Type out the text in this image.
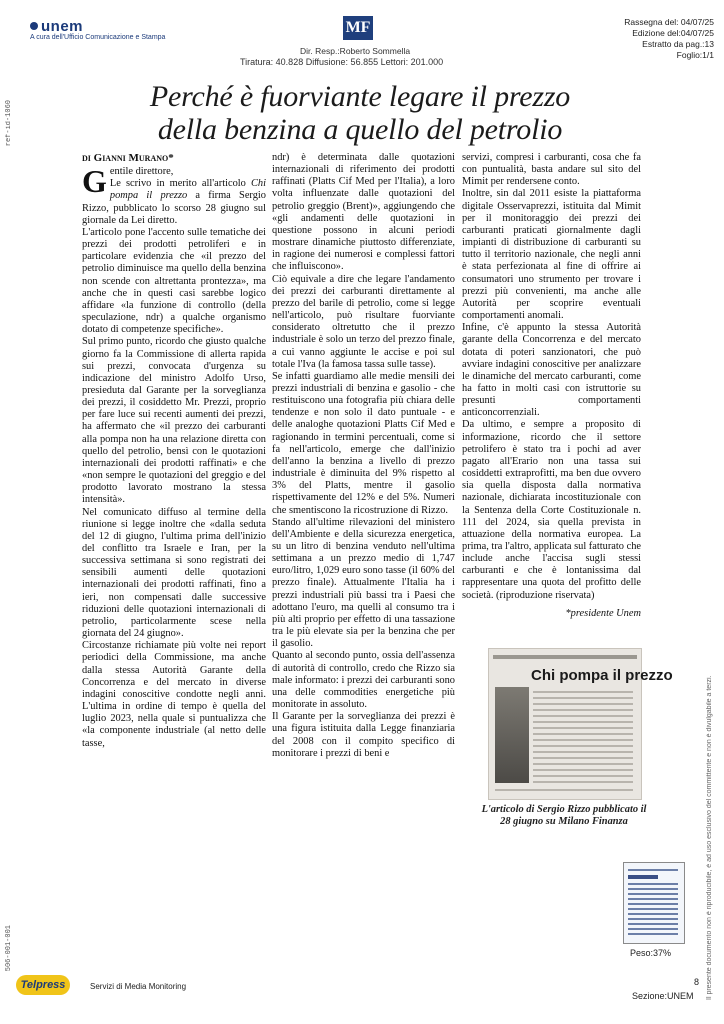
unem
A cura dell'Ufficio Comunicazione e Stampa
MF
Dir. Resp.:Roberto Sommella
Tiratura: 40.828 Diffusione: 56.855 Lettori: 201.000
Rassegna del: 04/07/25
Edizione del:04/07/25
Estratto da pag.:13
Foglio:1/1
ref-id-1060
506-001-001	Il presente documento non è riproducibile, è ad uso esclusivo del committente e non è divulgabile a terzi.
Perché è fuorviante legare il prezzo
della benzina a quello del petrolio
di Gianni Murano*

Gentile direttore,
Le scrivo in merito all'articolo Chi pompa il prezzo a firma Sergio Rizzo, pubblicato lo scorso 28 giugno sul giornale da Lei diretto.

L'articolo pone l'accento sulle tematiche dei prezzi dei prodotti petroliferi e in particolare evidenzia che «il prezzo del petrolio diminuisce ma quello della benzina non scende con altrettanta prontezza», ma anche che in questi casi sarebbe logico affidare «la funzione di controllo (della speculazione, ndr) a qualche organismo dotato di competenze specifiche».

Sul primo punto, ricordo che giusto qualche giorno fa la Commissione di allerta rapida sui prezzi, convocata d'urgenza su indicazione del ministro Adolfo Urso, presieduta dal Garante per la sorveglianza dei prezzi, il cosiddetto Mr. Prezzi, proprio per fare luce sui recenti aumenti dei prezzi, ha affermato che «il prezzo dei carburanti alla pompa non ha una relazione diretta con quello del petrolio, bensì con le quotazioni internazionali dei prodotti raffinati» e che «non sempre le quotazioni del greggio e del prodotto lavorato mostrano la stessa intensità».

Nel comunicato diffuso al termine della riunione si legge inoltre che «dalla seduta del 12 di giugno, l'ultima prima dell'inizio del conflitto tra Israele e Iran, per la successiva settimana si sono registrati dei sensibili aumenti delle quotazioni internazionali dei prodotti raffinati, fino a ieri, non compensati dalle successive riduzioni delle quotazioni internazionali di petrolio, particolarmente scese nella giornata del 24 giugno».

Circostanze richiamate più volte nei report periodici della Commissione, ma anche dalla stessa Autorità Garante della Concorrenza e del mercato in diverse indagini conoscitive condotte negli anni. L'ultima in ordine di tempo è quella del luglio 2023, nella quale si puntualizza che «la componente industriale (al netto delle tasse,

ndr) è determinata dalle quotazioni internazionali di riferimento dei prodotti raffinati (Platts Cif Med per l'Italia), a loro volta influenzate dalle quotazioni del petrolio greggio (Brent)», aggiungendo che «gli andamenti delle quotazioni in questione possono in alcuni periodi mostrare dinamiche piuttosto differenziate, in ragione dei numerosi e complessi fattori che influiscono».

Ciò equivale a dire che legare l'andamento dei prezzi dei carburanti direttamente al prezzo del barile di petrolio, come si legge nell'articolo, può risultare fuorviante considerato oltretutto che il prezzo industriale è solo un terzo del prezzo finale, a cui vanno aggiunte le accise e poi sul totale l'Iva (la famosa tassa sulle tasse).

Se infatti guardiamo alle medie mensili dei prezzi industriali di benzina e gasolio - che restituiscono una fotografia più chiara delle tendenze e non solo il dato puntuale - e delle analoghe quotazioni Platts Cif Med e ragionando in termini percentuali, come si fa nell'articolo, emerge che dall'inizio dell'anno la benzina a livello di prezzo industriale è diminuita del 9% rispetto al 3% del Platts, mentre il gasolio rispettivamente del 12% e del 5%. Numeri che smentiscono la ricostruzione di Rizzo.

Stando all'ultime rilevazioni del ministero dell'Ambiente e della sicurezza energetica, su un litro di benzina venduto nell'ultima settimana a un prezzo medio di 1,747 euro/litro, 1,029 euro sono tasse (il 60% del prezzo finale). Attualmente l'Italia ha i prezzi industriali più bassi tra i Paesi che adottano l'euro, ma quelli al consumo tra i più alti proprio per effetto di una tassazione tra le più elevate sia per la benzina che per il gasolio.

Quanto al secondo punto, ossia dell'assenza di autorità di controllo, credo che Rizzo sia male informato: i prezzi dei carburanti sono una delle commodities energetiche più monitorate in assoluto.

Il Garante per la sorveglianza dei prezzi è una figura istituita dalla Legge finanziaria del 2008 con il compito specifico di monitorare i prezzi di beni e

servizi, compresi i carburanti, cosa che fa con puntualità, basta andare sul sito del Mimit per rendersene conto.

Inoltre, sin dal 2011 esiste la piattaforma digitale Osservaprezzi, istituita dal Mimit per il monitoraggio dei prezzi dei carburanti praticati giornalmente dagli impianti di distribuzione di carburanti su tutto il territorio nazionale, che negli anni è stata perfezionata al fine di offrire ai consumatori uno strumento per trovare i prezzi più convenienti, ma anche alle Autorità per scoprire eventuali comportamenti anomali.

Infine, c'è appunto la stessa Autorità garante della Concorrenza e del mercato dotata di poteri sanzionatori, che può avviare indagini conoscitive per analizzare le dinamiche del mercato carburanti, come ha fatto in molti casi con istruttorie su presunti comportamenti anticoncorrenziali.

Da ultimo, e sempre a proposito di informazione, ricordo che il settore petrolifero è stato tra i pochi ad aver pagato all'Erario non una tassa sui cosiddetti extraprofitti, ma ben due ovvero sia quella disposta dalla normativa nazionale, dichiarata incostituzionale con la Sentenza della Corte Costituzionale n. 111 del 2024, sia quella prevista in attuazione della normativa europea. La prima, tra l'altro, applicata sul fatturato che include anche l'accisa sugli stessi carburanti e che è lontanissima dal rappresentare una quota del profitto delle società. (riproduzione riservata)

*presidente Unem
Chi pompa il prezzo
L'articolo di Sergio Rizzo pubblicato il 28 giugno su Milano Finanza
Peso:37%
Telpress	Servizi di Media Monitoring	8
Sezione:UNEM
